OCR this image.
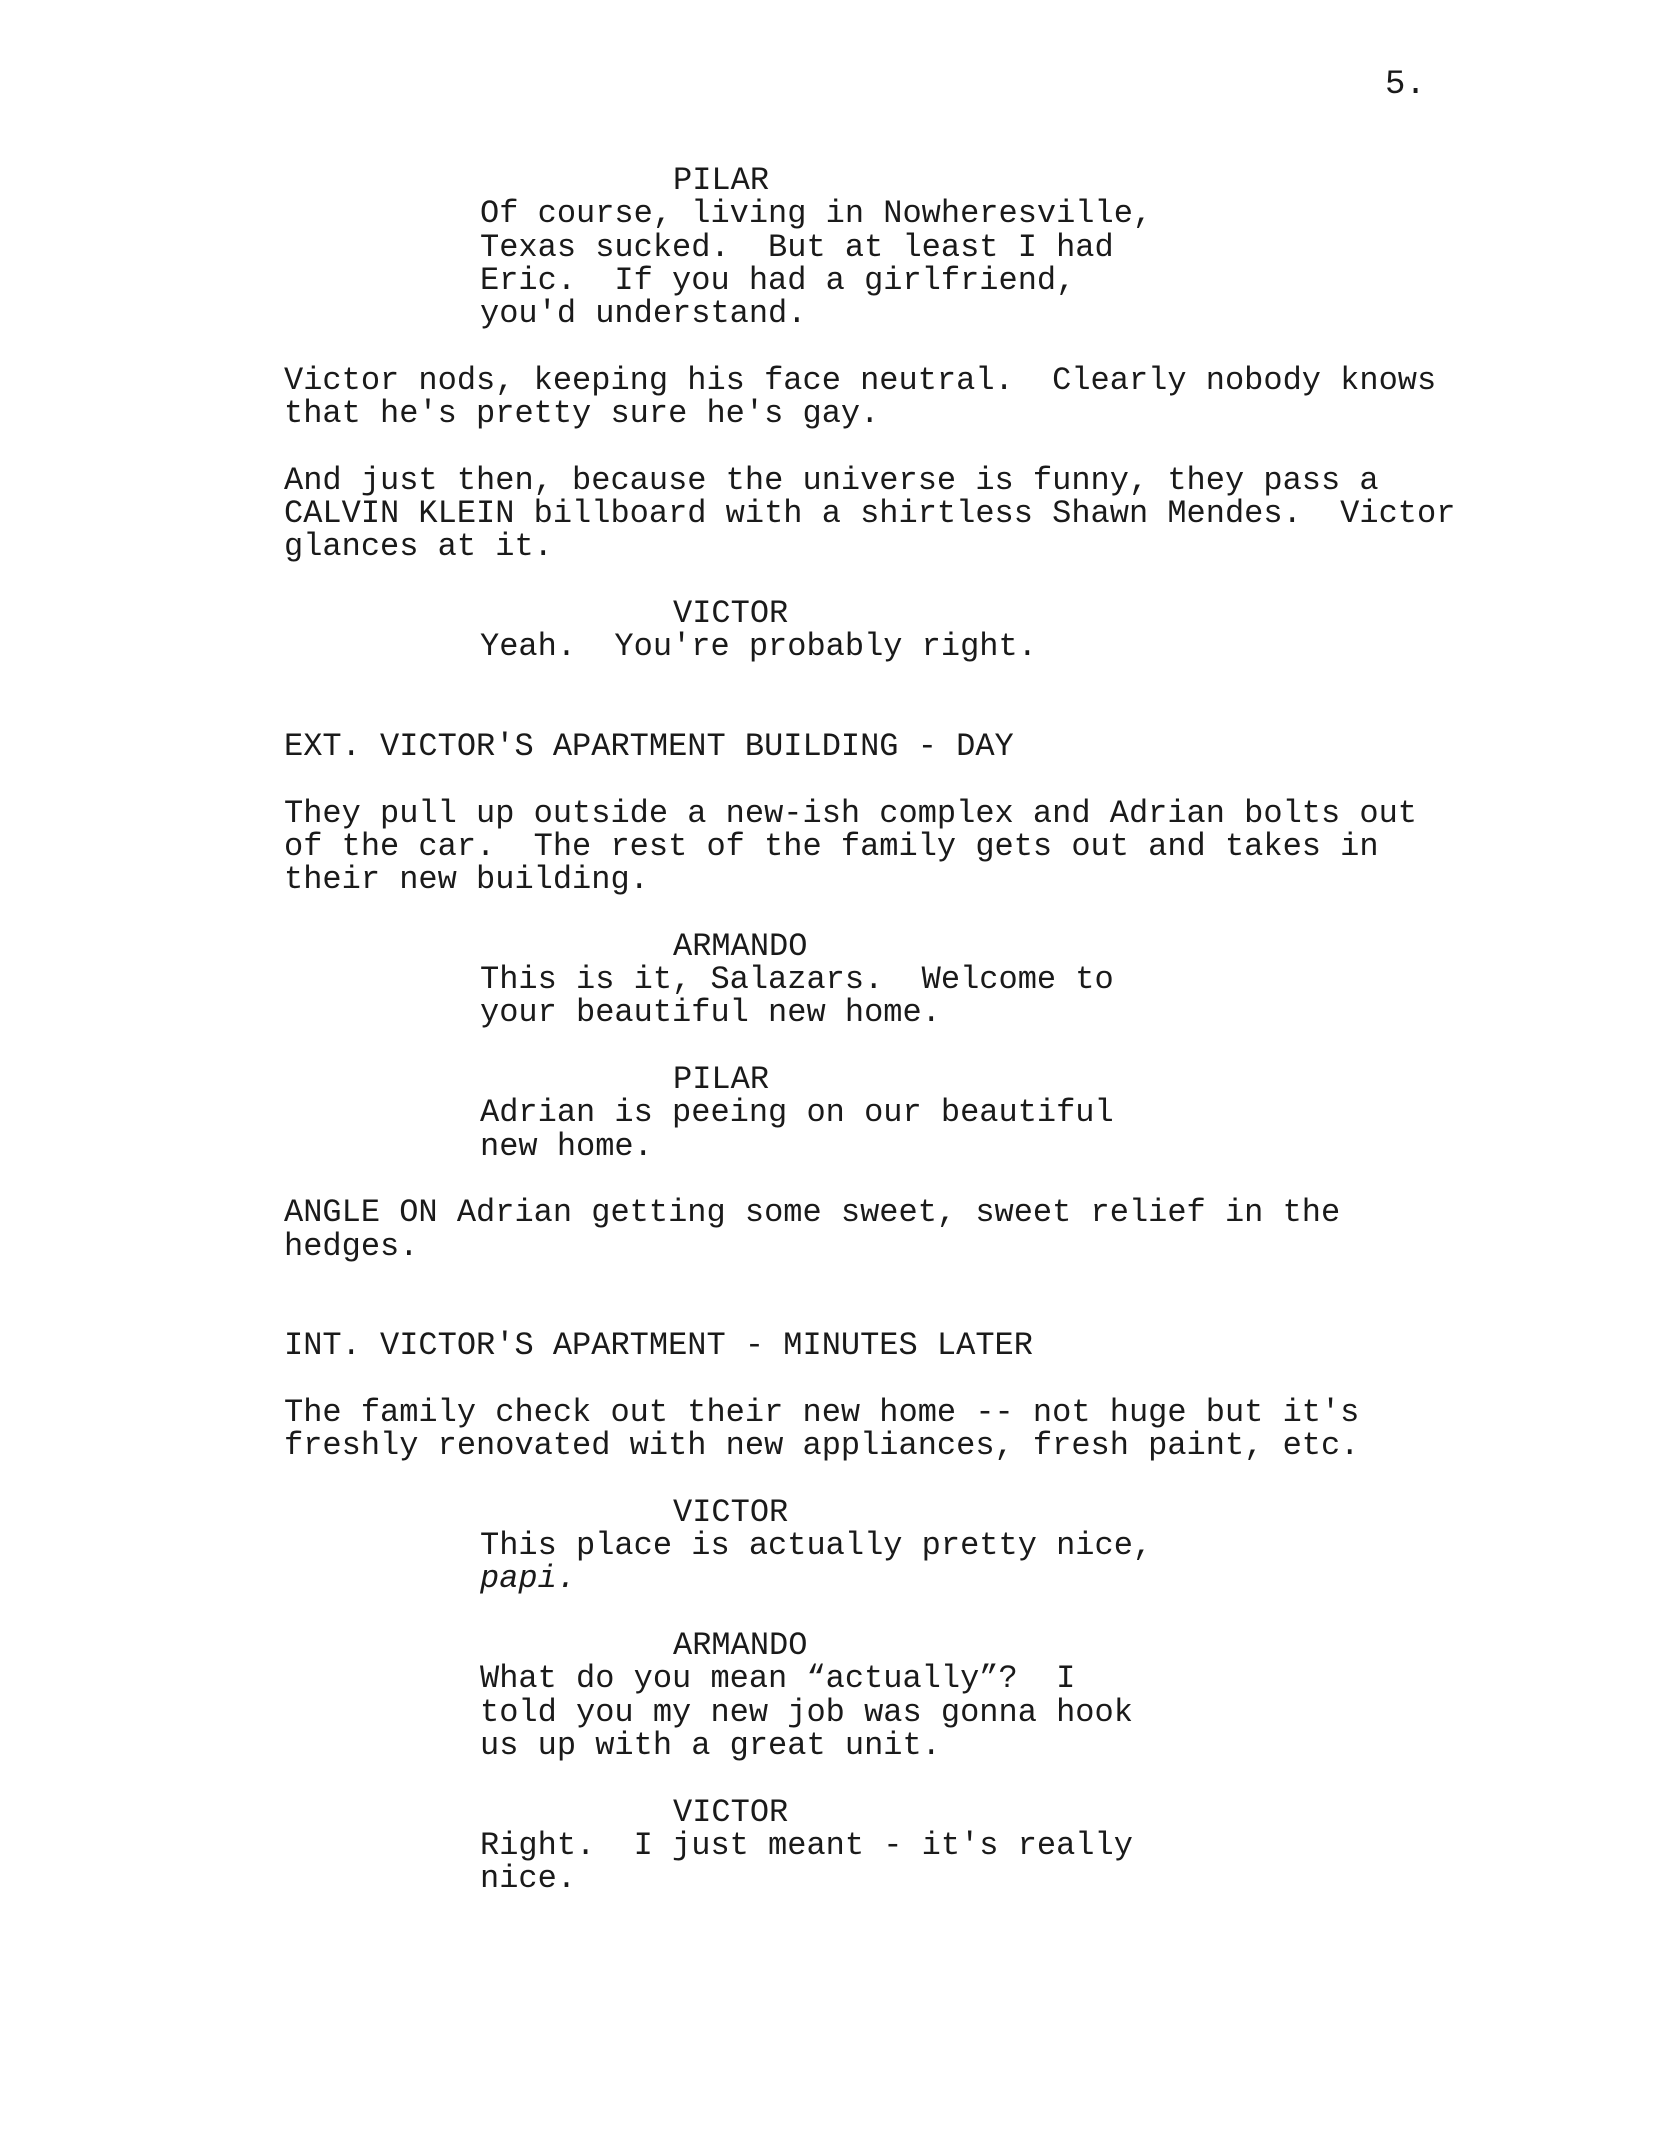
5.
PILAR
Of course, living in Nowheresville,
Texas sucked.  But at least I had
Eric.  If you had a girlfriend,
you'd understand.
Victor nods, keeping his face neutral.  Clearly nobody knows
that he's pretty sure he's gay.
And just then, because the universe is funny, they pass a
CALVIN KLEIN billboard with a shirtless Shawn Mendes.  Victor
glances at it.
VICTOR
Yeah.  You're probably right.
EXT. VICTOR'S APARTMENT BUILDING - DAY
They pull up outside a new-ish complex and Adrian bolts out
of the car.  The rest of the family gets out and takes in
their new building.
ARMANDO
This is it, Salazars.  Welcome to
your beautiful new home.
PILAR
Adrian is peeing on our beautiful
new home.
ANGLE ON Adrian getting some sweet, sweet relief in the
hedges.
INT. VICTOR'S APARTMENT - MINUTES LATER
The family check out their new home -- not huge but it's
freshly renovated with new appliances, fresh paint, etc.
VICTOR
This place is actually pretty nice,
papi.
ARMANDO
What do you mean “actually”?  I
told you my new job was gonna hook
us up with a great unit.
VICTOR
Right.  I just meant - it's really
nice.
